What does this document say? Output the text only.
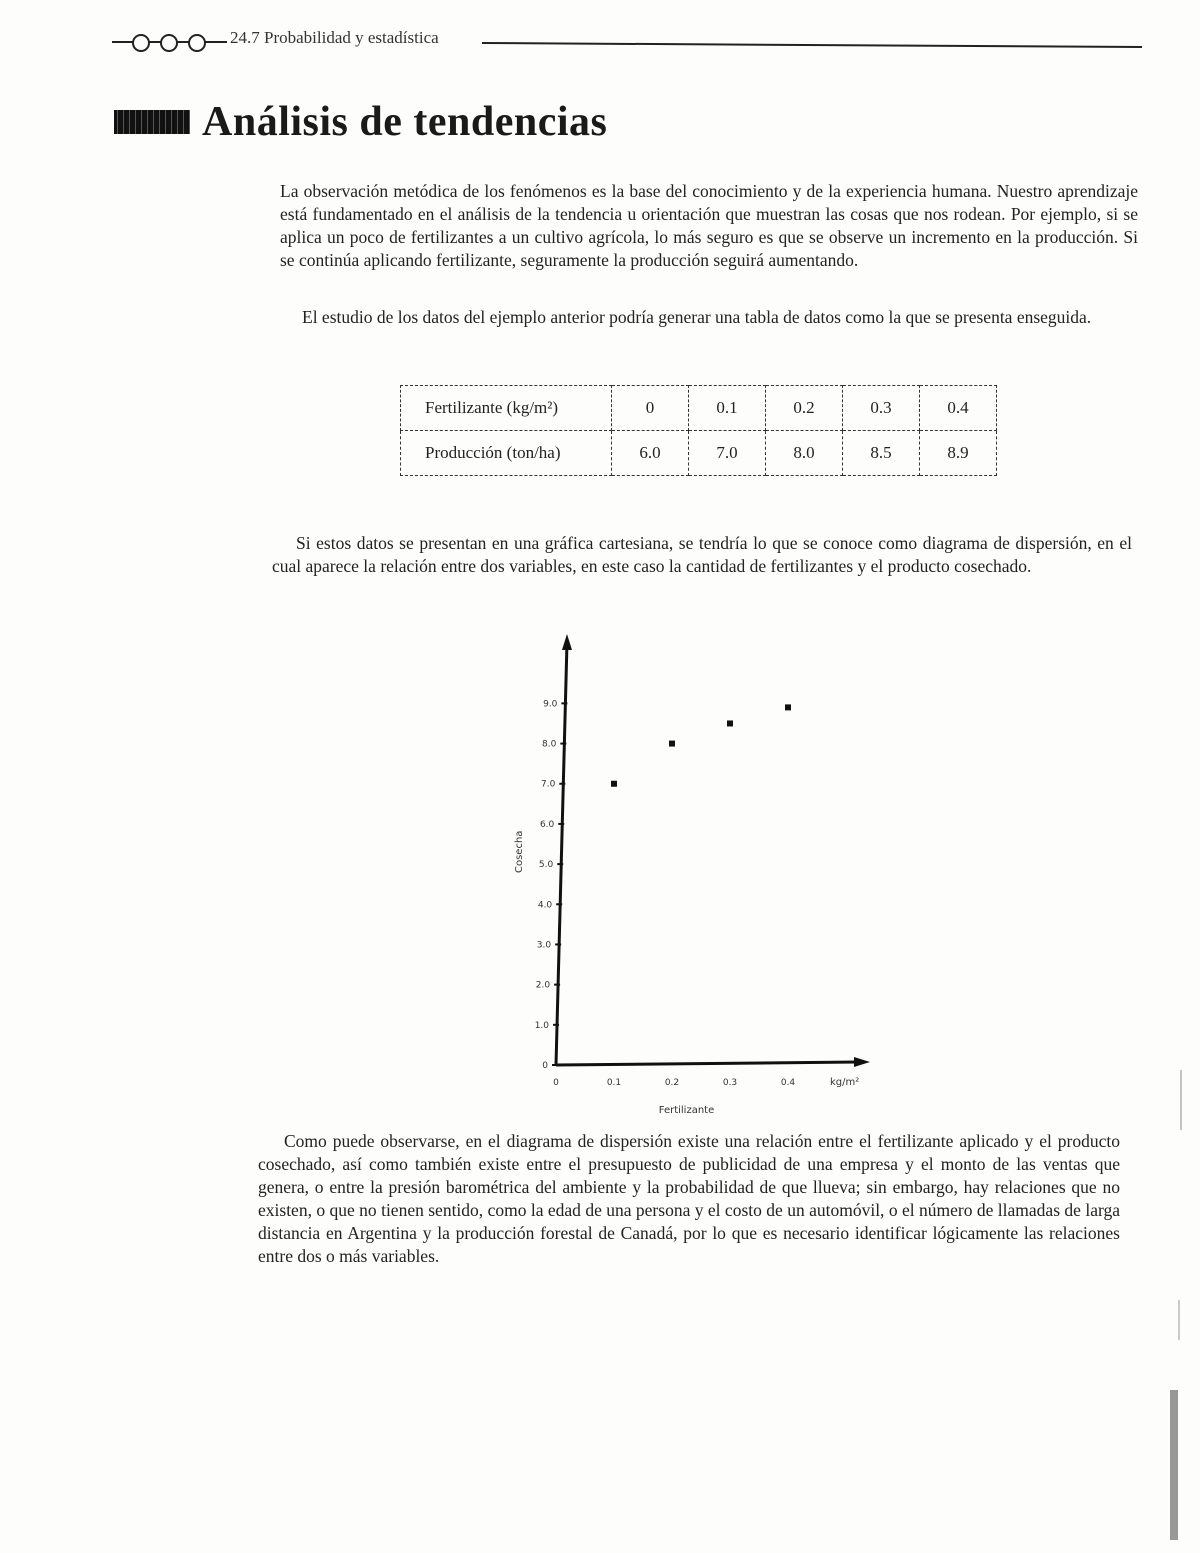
24.7 Probabilidad y estadística
Análisis de tendencias

La observación metódica de los fenómenos es la base del conocimiento y de la experiencia humana. Nuestro aprendizaje está fundamentado en el análisis de la tendencia u orientación que muestran las cosas que nos rodean. Por ejemplo, si se aplica un poco de fertilizantes a un cultivo agrícola, lo más seguro es que se observe un incremento en la producción. Si se continúa aplicando fertilizante, seguramente la producción seguirá aumentando.

El estudio de los datos del ejemplo anterior podría generar una tabla de datos como la que se presenta enseguida.

Fertilizante (kg/m²)	0	0.1	0.2	0.3	0.4
Producción (ton/ha)	6.0	7.0	8.0	8.5	8.9

Si estos datos se presentan en una gráfica cartesiana, se tendría lo que se conoce como diagrama de dispersión, en el cual aparece la relación entre dos variables, en este caso la cantidad de fertilizantes y el producto cosechado.

0
1.0
2.0
3.0
4.0
5.0
6.0
7.0
8.0
9.0
0	0.1	0.2	0.3	0.4
Fertilizante
kg/m²
Cosecha

Como puede observarse, en el diagrama de dispersión existe una relación entre el fertilizante aplicado y el producto cosechado, así como también existe entre el presupuesto de publicidad de una empresa y el monto de las ventas que genera, o entre la presión barométrica del ambiente y la probabilidad de que llueva; sin embargo, hay relaciones que no existen, o que no tienen sentido, como la edad de una persona y el costo de un automóvil, o el número de llamadas de larga distancia en Argentina y la producción forestal de Canadá, por lo que es necesario identificar lógicamente las relaciones entre dos o más variables.
